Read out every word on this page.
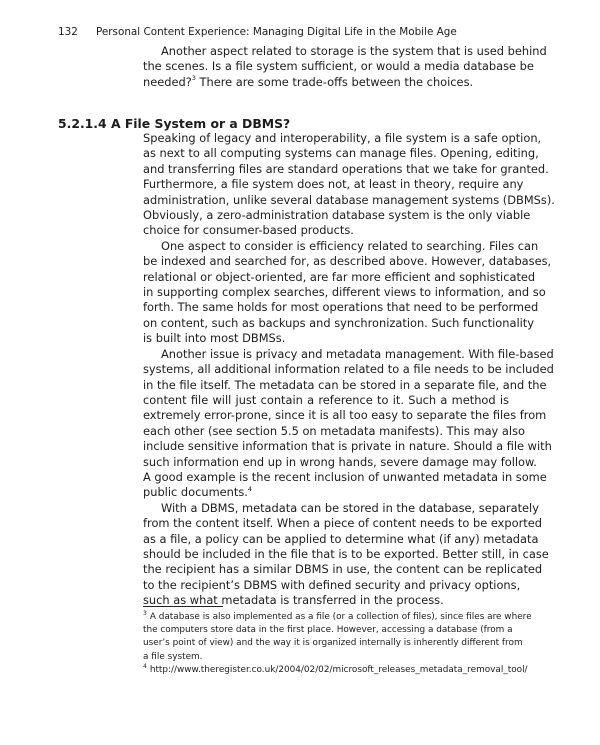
132 Personal Content Experience: Managing Digital Life in the Mobile Age

Another aspect related to storage is the system that is used behind
the scenes. Is a file system sufficient, or would a media database be
needed?$^3$ There are some trade-offs between the choices.

5.2.1.4 A File System or a DBMS?

Speaking of legacy and interoperability, a file system is a safe option,
as next to all computing systems can manage files. Opening, editing,
and transferring files are standard operations that we take for granted.
Furthermore, a file system does not, at least in theory, require any
administration, unlike several database management systems (DBMSs).
Obviously, a zero-administration database system is the only viable
choice for consumer-based products.

One aspect to consider is efficiency related to searching. Files can
be indexed and searched for, as described above. However, databases,
relational or object-oriented, are far more efficient and sophisticated
in supporting complex searches, different views to information, and so
forth. The same holds for most operations that need to be performed
on content, such as backups and synchronization. Such functionality
is built into most DBMSs.

Another issue is privacy and metadata management. With file-based
systems, all additional information related to a file needs to be included
in the file itself. The metadata can be stored in a separate file, and the
content file will just contain a reference to it. Such a method is
extremely error-prone, since it is all too easy to separate the files from
each other (see section 5.5 on metadata manifests). This may also
include sensitive information that is private in nature. Should a file with
such information end up in wrong hands, severe damage may follow.
A good example is the recent inclusion of unwanted metadata in some
public documents.$^4$

With a DBMS, metadata can be stored in the database, separately
from the content itself. When a piece of content needs to be exported
as a file, a policy can be applied to determine what (if any) metadata
should be included in the file that is to be exported. Better still, in case
the recipient has a similar DBMS in use, the content can be replicated
to the recipient’s DBMS with defined security and privacy options,
such as what metadata is transferred in the process.

$^3$ A database is also implemented as a file (or a collection of files), since files are where
the computers store data in the first place. However, accessing a database (from a
user’s point of view) and the way it is organized internally is inherently different from
a file system.

$^4$ http://www.theregister.co.uk/2004/02/02/microsoft_releases_metadata_removal_tool/
